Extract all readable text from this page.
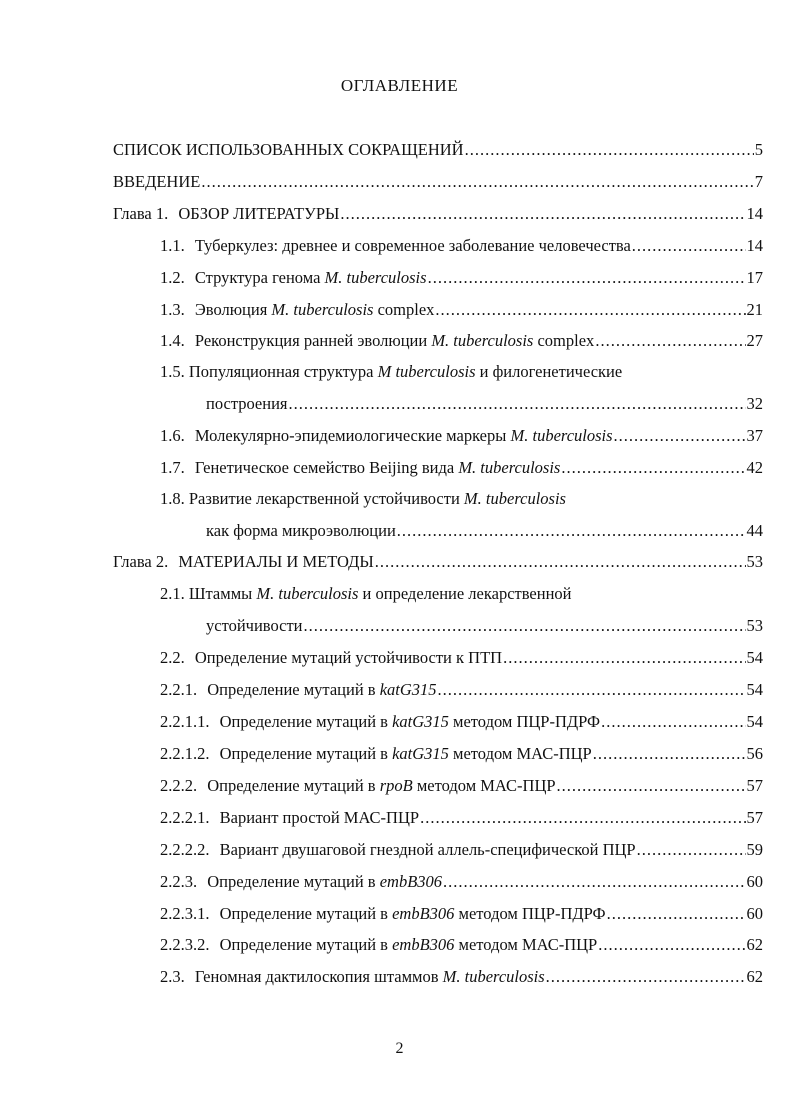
ОГЛАВЛЕНИЕ
СПИСОК ИСПОЛЬЗОВАННЫХ СОКРАЩЕНИЙ .....	5
ВВЕДЕНИЕ .....	7
Глава 1. ОБЗОР ЛИТЕРАТУРЫ .....	14
1.1. Туберкулез: древнее и современное заболевание человечества .....	14
1.2. Структура генома M. tuberculosis .....	17
1.3. Эволюция M. tuberculosis complex .....	21
1.4. Реконструкция ранней эволюции M. tuberculosis complex .....	27
1.5. Популяционная структура M tuberculosis и филогенетические
построения .....	32
1.6. Молекулярно-эпидемиологические маркеры M. tuberculosis .....	37
1.7. Генетическое семейство Beijing вида M. tuberculosis .....	42
1.8. Развитие лекарственной устойчивости M. tuberculosis
как форма микроэволюции .....	44
Глава 2. МАТЕРИАЛЫ И МЕТОДЫ .....	53
2.1. Штаммы M. tuberculosis и определение лекарственной
устойчивости .....	53
2.2. Определение мутаций устойчивости к ПТП .....	54
2.2.1. Определение мутаций в katG315 .....	54
2.2.1.1. Определение мутаций в katG315 методом ПЦР-ПДРФ .....	54
2.2.1.2. Определение мутаций в katG315 методом МАС-ПЦР .....	56
2.2.2. Определение мутаций в rpoB методом МАС-ПЦР .....	57
2.2.2.1. Вариант простой МАС-ПЦР .....	57
2.2.2.2. Вариант двушаговой гнездной аллель-специфической ПЦР .....	59
2.2.3. Определение мутаций в embB306 .....	60
2.2.3.1. Определение мутаций в embB306 методом ПЦР-ПДРФ .....	60
2.2.3.2. Определение мутаций в embB306 методом МАС-ПЦР .....	62
2.3. Геномная дактилоскопия штаммов M. tuberculosis .....	62
2
